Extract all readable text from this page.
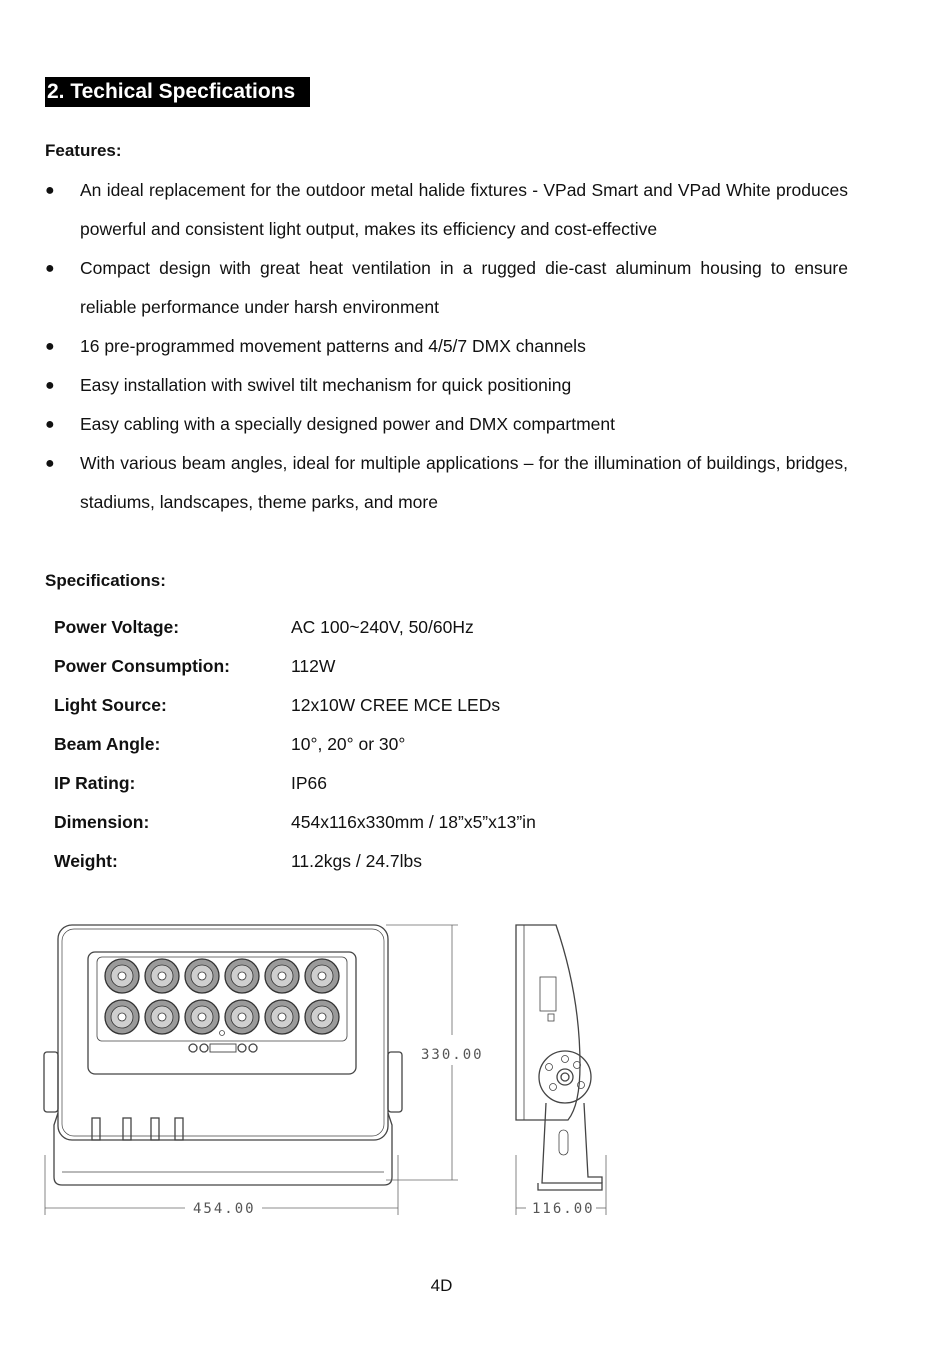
2. Techical Specfications
Features:
● An ideal replacement for the outdoor metal halide fixtures - VPad Smart and VPad White produces powerful and consistent light output, makes its efficiency and cost-effective
● Compact design with great heat ventilation in a rugged die-cast aluminum housing to ensure reliable performance under harsh environment
● 16 pre-programmed movement patterns and 4/5/7 DMX channels
● Easy installation with swivel tilt mechanism for quick positioning
● Easy cabling with a specially designed power and DMX compartment
● With various beam angles, ideal for multiple applications – for the illumination of buildings, bridges, stadiums, landscapes, theme parks, and more
Specifications:
Power Voltage:	AC 100~240V, 50/60Hz
Power Consumption:	112W
Light Source:	12x10W CREE MCE LEDs
Beam Angle:	10°, 20° or 30°
IP Rating:	IP66
Dimension:	454x116x330mm / 18”x5”x13”in
Weight:	11.2kgs / 24.7lbs
330.00
454.00	116.00
4D
